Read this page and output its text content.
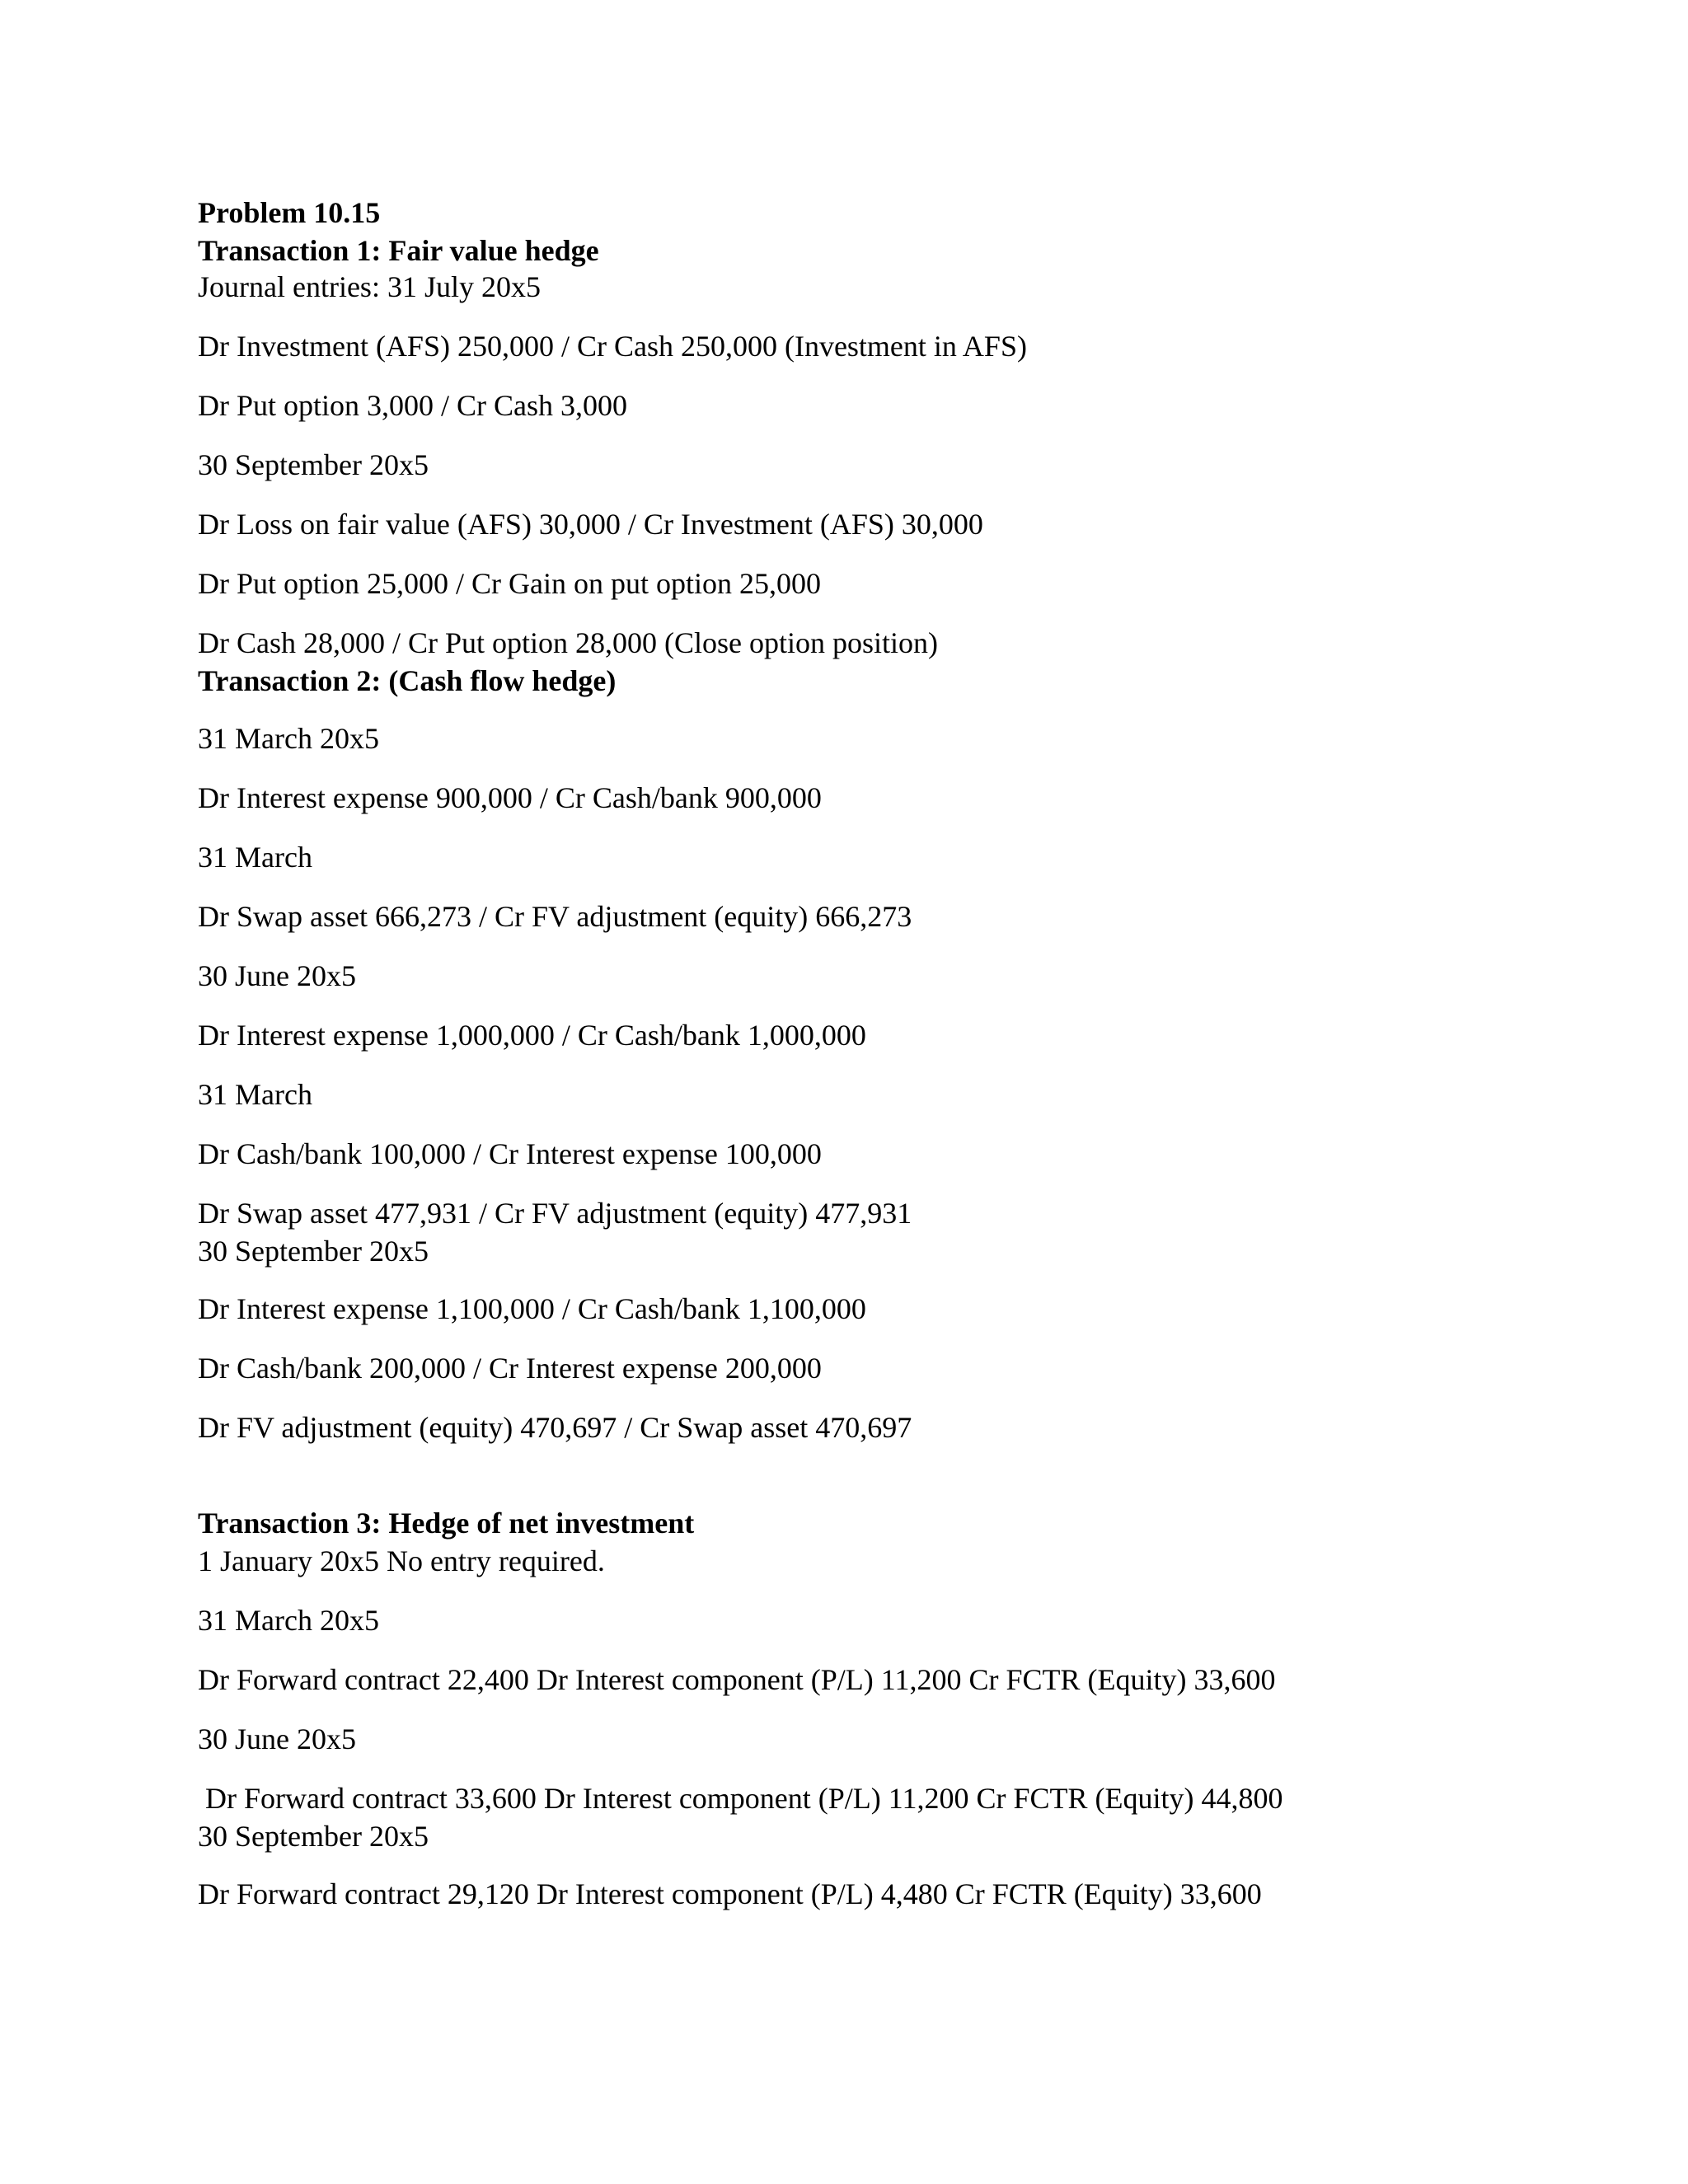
Problem 10.15
Transaction 1: Fair value hedge
Journal entries: 31 July 20x5
Dr Investment (AFS) 250,000 / Cr Cash 250,000 (Investment in AFS)
Dr Put option 3,000 / Cr Cash 3,000
30 September 20x5
Dr Loss on fair value (AFS) 30,000 / Cr Investment (AFS) 30,000
Dr Put option 25,000 / Cr Gain on put option 25,000
Dr Cash 28,000 / Cr Put option 28,000 (Close option position)
Transaction 2: (Cash flow hedge)
31 March 20x5
Dr Interest expense 900,000 / Cr Cash/bank 900,000
31 March
Dr Swap asset 666,273 / Cr FV adjustment (equity) 666,273
30 June 20x5
Dr Interest expense 1,000,000 / Cr Cash/bank 1,000,000
31 March
Dr Cash/bank 100,000 / Cr Interest expense 100,000
Dr Swap asset 477,931 / Cr FV adjustment (equity) 477,931
30 September 20x5
Dr Interest expense 1,100,000 / Cr Cash/bank 1,100,000
Dr Cash/bank 200,000 / Cr Interest expense 200,000
Dr FV adjustment (equity) 470,697 / Cr Swap asset 470,697
Transaction 3: Hedge of net investment
1 January 20x5 No entry required.
31 March 20x5
Dr Forward contract 22,400 Dr Interest component (P/L) 11,200 Cr FCTR (Equity) 33,600
30 June 20x5
Dr Forward contract 33,600 Dr Interest component (P/L) 11,200 Cr FCTR (Equity) 44,800
30 September 20x5
Dr Forward contract 29,120 Dr Interest component (P/L) 4,480 Cr FCTR (Equity) 33,600
